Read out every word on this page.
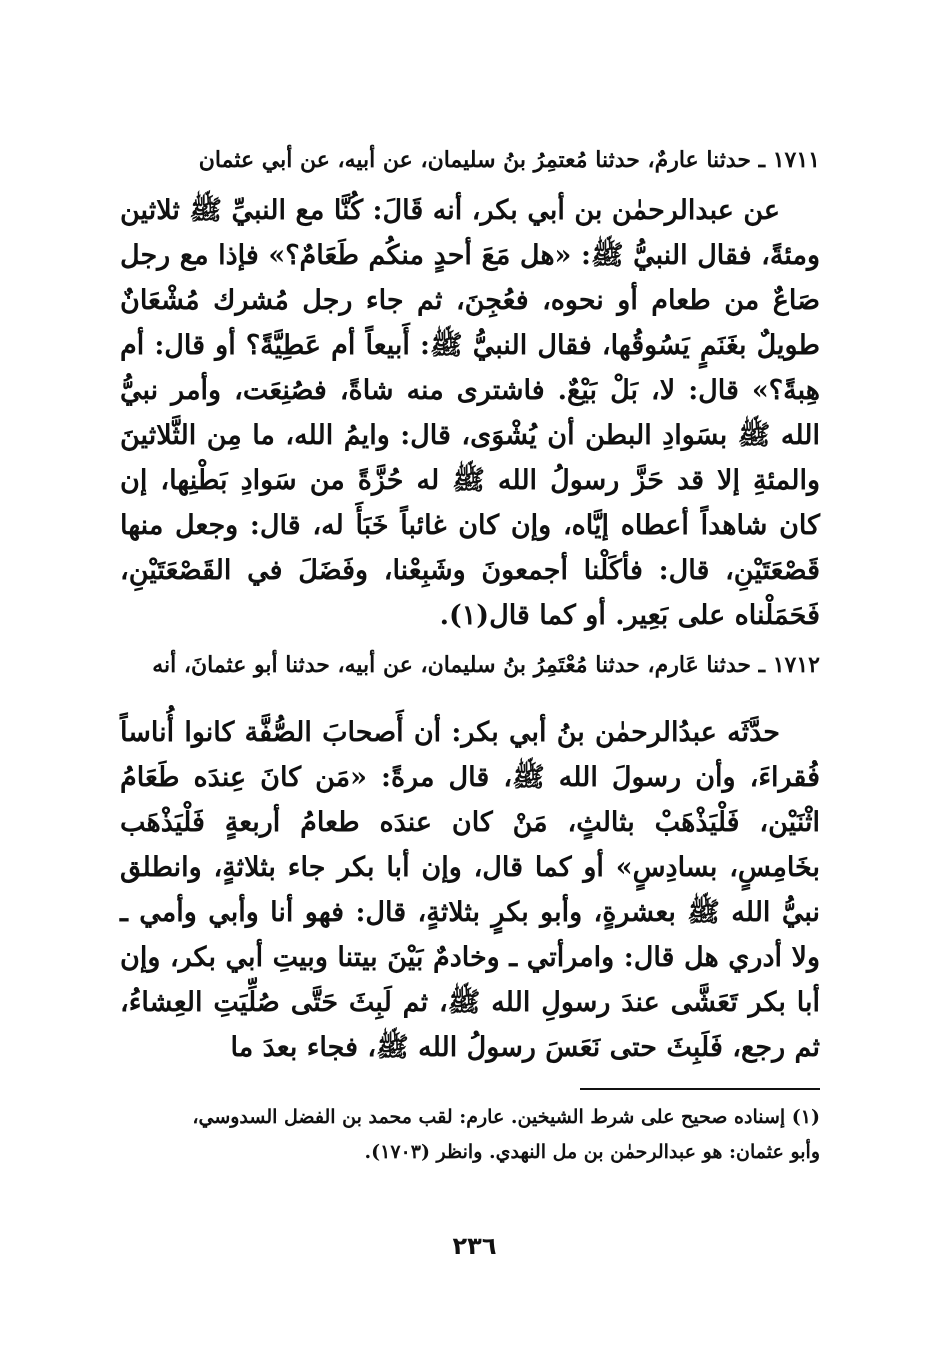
١٧١١ ـ حدثنا عارمٌ، حدثنا مُعتمِرُ بنُ سليمان، عن أبيه، عن أبي عثمان

عن عبدالرحمٰن بن أبي بكر، أنه قَالَ: كُنَّا مع النبيِّ ﷺ ثلاثين ومئةً، فقال النبيُّ ﷺ: «هل مَعَ أحدٍ منكُم طَعَامٌ؟» فإذا مع رجل صَاعٌ من طعام أو نحوه، فعُجِنَ، ثم جاء رجل مُشرك مُشْعَانٌ طويلٌ بغَنَمٍ يَسُوقُها، فقال النبيُّ ﷺ: أَبيعاً أم عَطِيَّةً؟ أو قال: أم هِبةً؟» قال: لا، بَلْ بَيْعٌ. فاشترى منه شاةً، فصُنِعَت، وأمر نبيُّ الله ﷺ بسَوادِ البطن أن يُشْوَى، قال: وايمُ الله، ما مِن الثَّلاثينَ والمئةِ إلا قد حَزَّ رسولُ الله ﷺ له حُزَّةً من سَوادِ بَطْنِها، إن كان شاهداً أعطاه إيَّاه، وإن كان غائباً خَبَأَ له، قال: وجعل منها قَصْعَتَيْنِ، قال: فأكَلْنا أجمعونَ وشَبِعْنا، وفَضَلَ في القَصْعَتَيْنِ، فَحَمَلْناه على بَعِير. أو كما قال(١).

١٧١٢ ـ حدثنا عَارم، حدثنا مُعْتَمِرُ بنُ سليمان، عن أبيه، حدثنا أبو عثمانَ، أنه

حدَّثَه عبدُالرحمٰن بنُ أبي بكر: أن أَصحابَ الصُّفَّة كانوا أُناساً فُقراءَ، وأن رسولَ الله ﷺ، قال مرةً: «مَن كانَ عِندَه طَعَامُ اثْنَيْن، فَلْيَذْهَبْ بثالثٍ، مَنْ كان عندَه طعامُ أربعةٍ فَلْيَذْهَب بخَامِسٍ، بسادِسٍ» أو كما قال، وإن أبا بكر جاء بثلاثةٍ، وانطلق نبيُّ الله ﷺ بعشرةٍ، وأبو بكرٍ بثلاثةٍ، قال: فهو أنا وأبي وأمي ـ ولا أدري هل قال: وامرأتي ـ وخادمٌ بَيْنَ بيتنا وبيتِ أبي بكر، وإن أبا بكر تَعَشَّى عندَ رسولِ الله ﷺ، ثم لَبِثَ حَتَّى صُلِّيَتِ العِشاءُ، ثم رجع، فَلَبِثَ حتى نَعَسَ رسولُ الله ﷺ، فجاء بعدَ ما

(١) إسناده صحيح على شرط الشيخين. عارم: لقب محمد بن الفضل السدوسي،

وأبو عثمان: هو عبدالرحمٰن بن مل النهدي. وانظر (١٧٠٣).

٢٣٦
